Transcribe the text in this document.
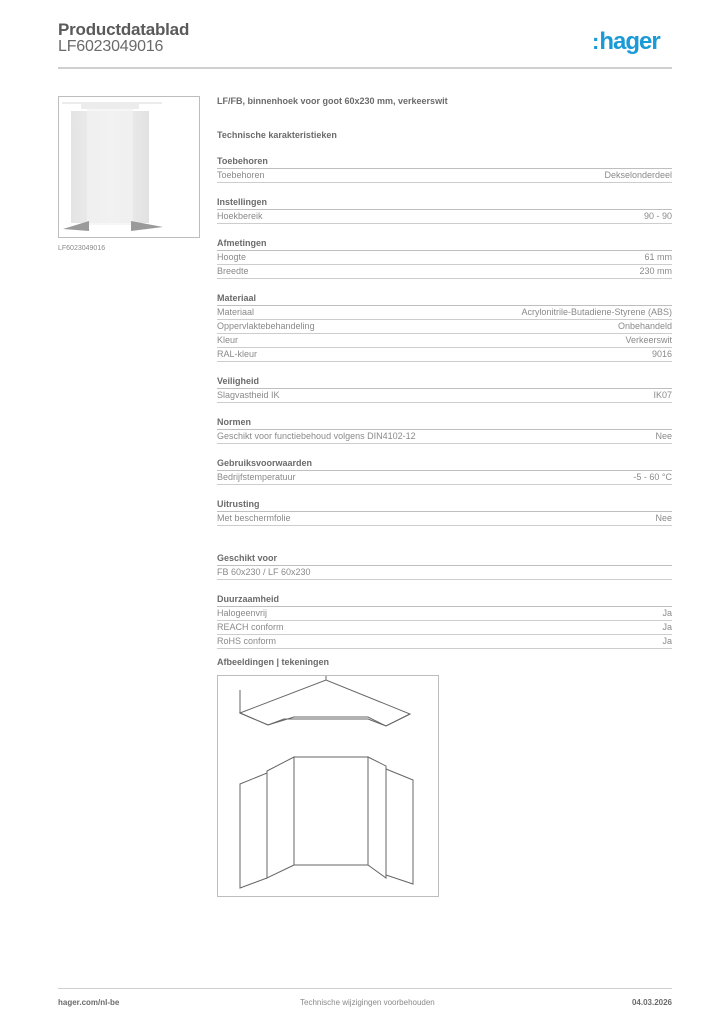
Productdatablad
LF6023049016	:hager
LF6023049016
LF/FB, binnenhoek voor goot 60x230 mm, verkeerswit
Technische karakteristieken
Toebehoren
Toebehoren	Dekselonderdeel
Instellingen
Hoekbereik	90 - 90
Afmetingen
Hoogte	61 mm
Breedte	230 mm
Materiaal
Materiaal	Acrylonitrile-Butadiene-Styrene (ABS)
Oppervlaktebehandeling	Onbehandeld
Kleur	Verkeerswit
RAL-kleur	9016
Veiligheid
Slagvastheid IK	IK07
Normen
Geschikt voor functiebehoud volgens DIN4102-12	Nee
Gebruiksvoorwaarden
Bedrijfstemperatuur	-5 - 60 °C
Uitrusting
Met beschermfolie	Nee
Geschikt voor
FB 60x230 / LF 60x230
Duurzaamheid
Halogeenvrij	Ja
REACH conform	Ja
RoHS conform	Ja
Afbeeldingen | tekeningen
hager.com/nl-be	Technische wijzigingen voorbehouden	04.03.2026
